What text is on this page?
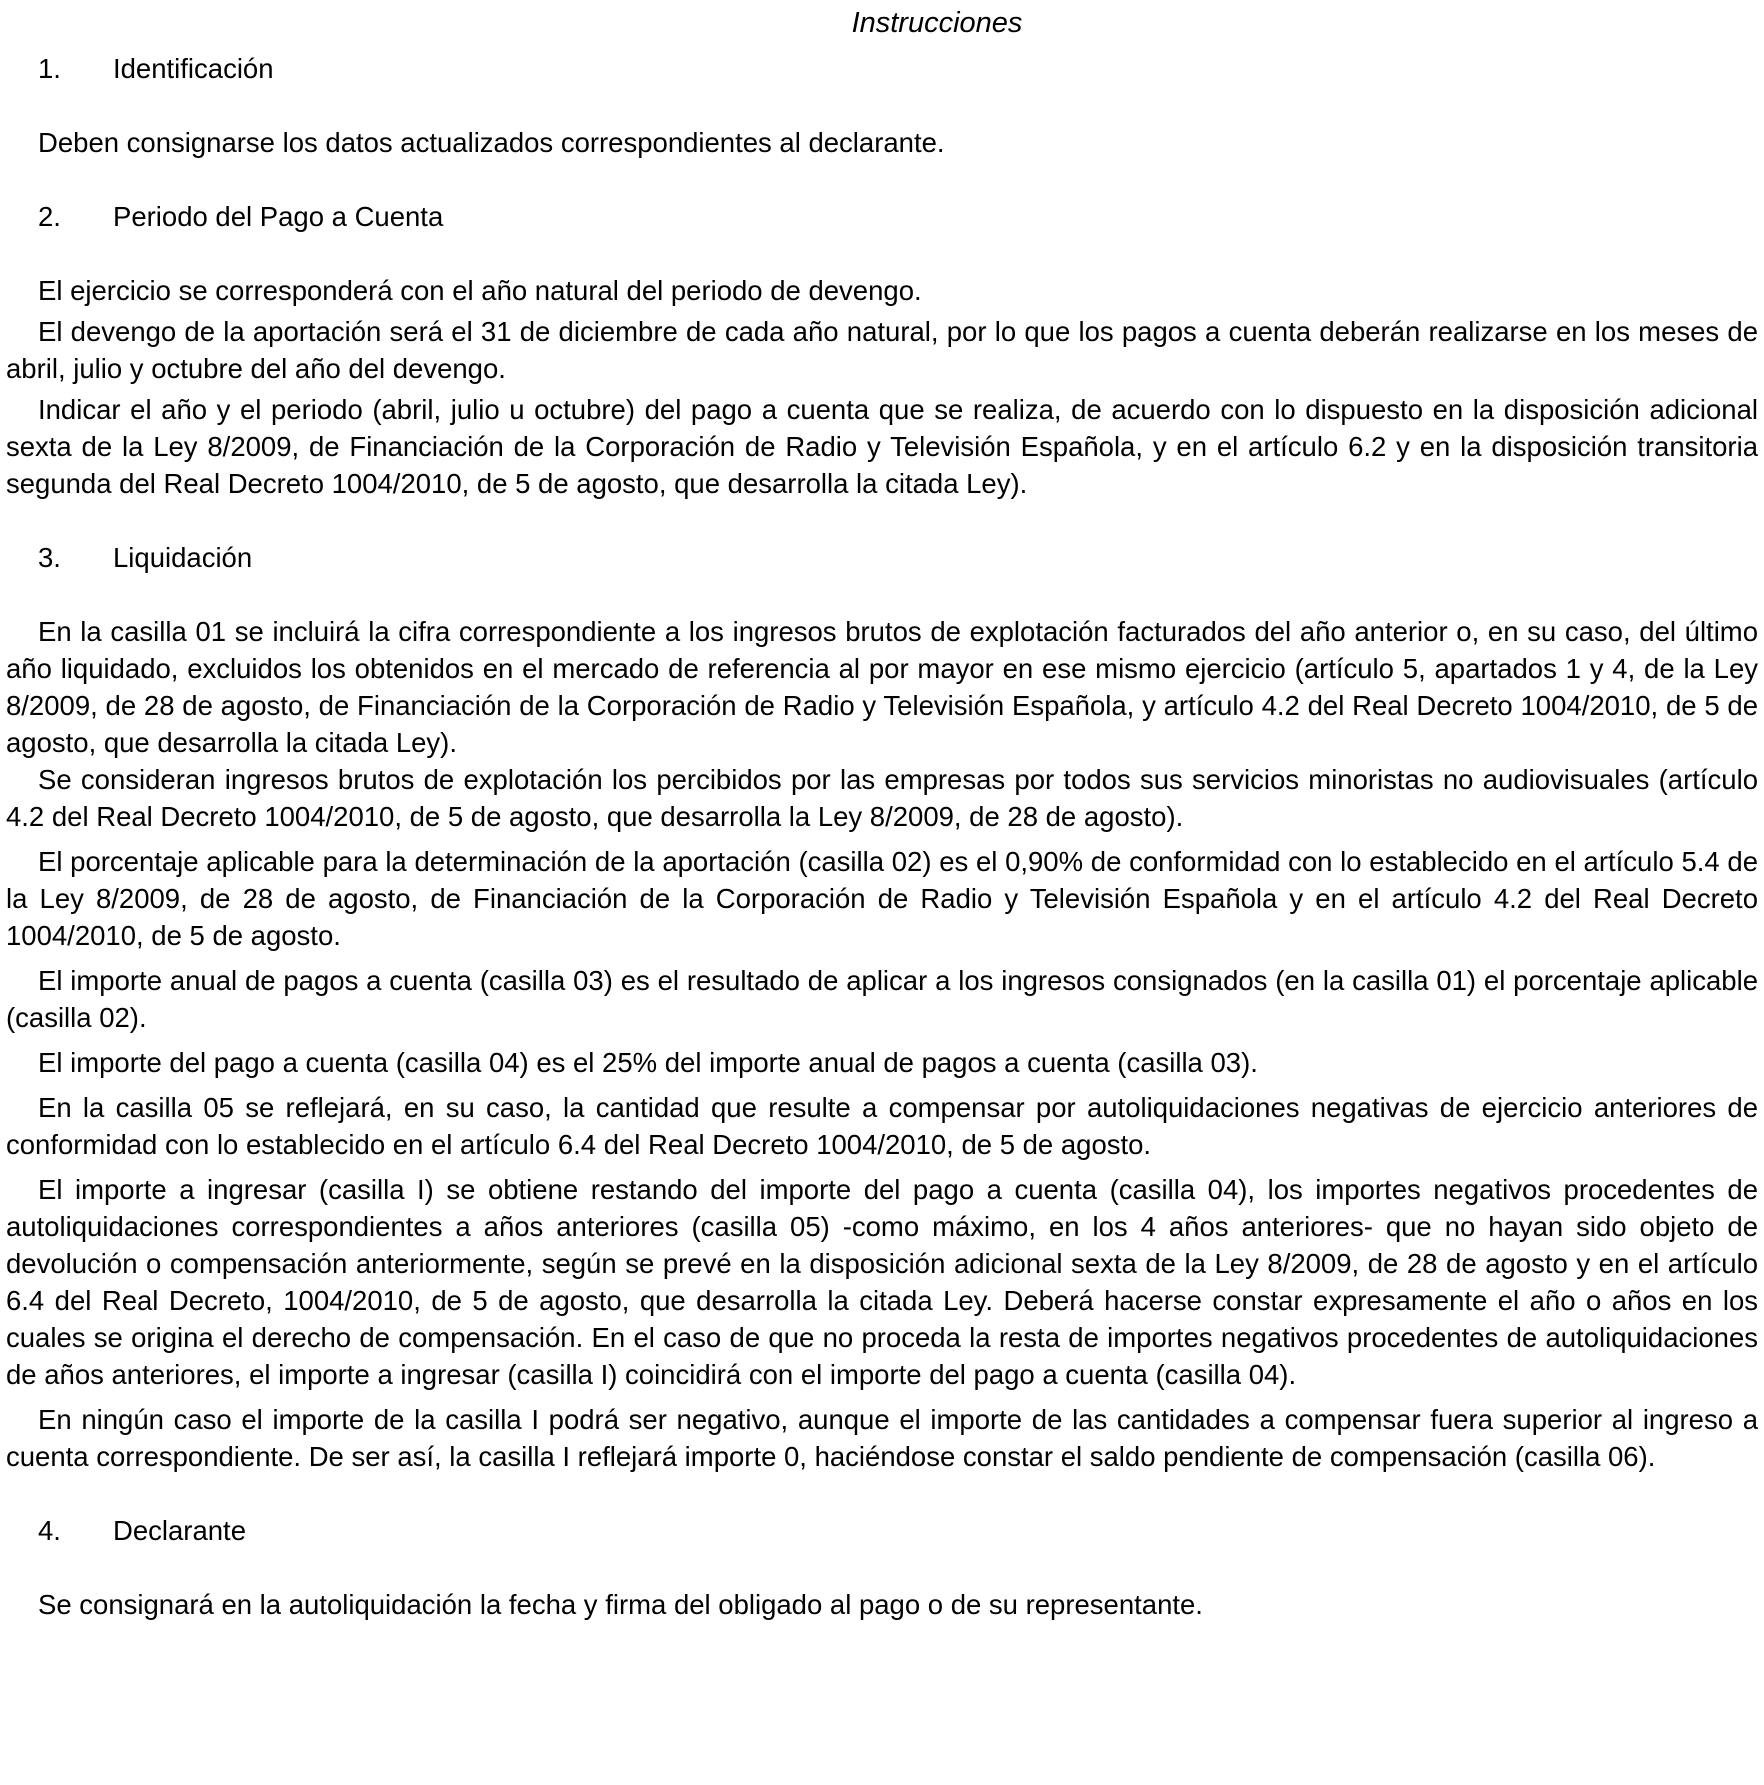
Instrucciones
1.	Identificación

Deben consignarse los datos actualizados correspondientes al declarante.

2.	Periodo del Pago a Cuenta

El ejercicio se corresponderá con el año natural del periodo de devengo.

El devengo de la aportación será el 31 de diciembre de cada año natural, por lo que los pagos a cuenta deberán realizarse en los meses de abril, julio y octubre del año del devengo.

Indicar el año y el periodo (abril, julio u octubre) del pago a cuenta que se realiza, de acuerdo con lo dispuesto en la disposición adicional sexta de la Ley 8/2009, de Financiación de la Corporación de Radio y Televisión Española, y en el artículo 6.2 y en la disposición transitoria segunda del Real Decreto 1004/2010, de 5 de agosto, que desarrolla la citada Ley).

3.	Liquidación

En la casilla 01 se incluirá la cifra correspondiente a los ingresos brutos de explotación facturados del año anterior o, en su caso, del último año liquidado, excluidos los obtenidos en el mercado de referencia al por mayor en ese mismo ejercicio (artículo 5, apartados 1 y 4, de la Ley 8/2009, de 28 de agosto, de Financiación de la Corporación de Radio y Televisión Española, y artículo 4.2 del Real Decreto 1004/2010, de 5 de agosto, que desarrolla la citada Ley).

Se consideran ingresos brutos de explotación los percibidos por las empresas por todos sus servicios minoristas no audiovisuales (artículo 4.2 del Real Decreto 1004/2010, de 5 de agosto, que desarrolla la Ley 8/2009, de 28 de agosto).

El porcentaje aplicable para la determinación de la aportación (casilla 02) es el 0,90% de conformidad con lo establecido en el artículo 5.4 de la Ley 8/2009, de 28 de agosto, de Financiación de la Corporación de Radio y Televisión Española y en el artículo 4.2 del Real Decreto 1004/2010, de 5 de agosto.

El importe anual de pagos a cuenta (casilla 03) es el resultado de aplicar a los ingresos consignados (en la casilla 01) el porcentaje aplicable (casilla 02).

El importe del pago a cuenta (casilla 04) es el 25% del importe anual de pagos a cuenta (casilla 03).

En la casilla 05 se reflejará, en su caso, la cantidad que resulte a compensar por autoliquidaciones negativas de ejercicio anteriores de conformidad con lo establecido en el artículo 6.4 del Real Decreto 1004/2010, de 5 de agosto.

El importe a ingresar (casilla I) se obtiene restando del importe del pago a cuenta (casilla 04), los importes negativos procedentes de autoliquidaciones correspondientes a años anteriores (casilla 05) -como máximo, en los 4 años anteriores- que no hayan sido objeto de devolución o compensación anteriormente, según se prevé en la disposición adicional sexta de la Ley 8/2009, de 28 de agosto y en el artículo 6.4 del Real Decreto, 1004/2010, de 5 de agosto, que desarrolla la citada Ley. Deberá hacerse constar expresamente el año o años en los cuales se origina el derecho de compensación. En el caso de que no proceda la resta de importes negativos procedentes de autoliquidaciones de años anteriores, el importe a ingresar (casilla I) coincidirá con el importe del pago a cuenta (casilla 04).

En ningún caso el importe de la casilla I podrá ser negativo, aunque el importe de las cantidades a compensar fuera superior al ingreso a cuenta correspondiente. De ser así, la casilla I reflejará importe 0, haciéndose constar el saldo pendiente de compensación (casilla 06).

4.	Declarante

Se consignará en la autoliquidación la fecha y firma del obligado al pago o de su representante.
